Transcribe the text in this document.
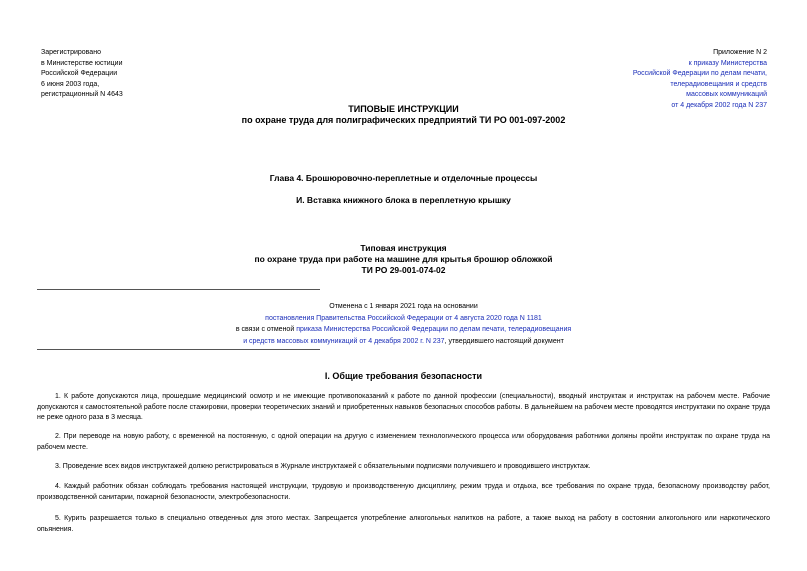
Зарегистрировано
в Министерстве юстиции
Российской Федерации
6 июня 2003 года,
регистрационный N 4643
Приложение N 2
к приказу Министерства
Российской Федерации по делам печати,
телерадиовещания и средств
массовых коммуникаций
от 4 декабря 2002 года N 237
ТИПОВЫЕ ИНСТРУКЦИИ
по охране труда для полиграфических предприятий ТИ РО 001-097-2002
Глава 4. Брошюровочно-переплетные и отделочные процессы
И. Вставка книжного блока в переплетную крышку
Типовая инструкция
по охране труда при работе на машине для крытья брошюр обложкой
ТИ РО 29-001-074-02
Отменена с 1 января 2021 года на основании
постановления Правительства Российской Федерации от 4 августа 2020 года N 1181
в связи с отменой приказа Министерства Российской Федерации по делам печати, телерадиовещания
и средств массовых коммуникаций от 4 декабря 2002 г. N 237, утвердившего настоящий документ
I. Общие требования безопасности

1. К работе допускаются лица, прошедшие медицинский осмотр и не имеющие противопоказаний к работе по данной профессии (специальности), вводный инструктаж и инструктаж на рабочем месте. Рабочие допускаются к самостоятельной работе после стажировки, проверки теоретических знаний и приобретенных навыков безопасных способов работы. В дальнейшем на рабочем месте проводятся инструктажи по охране труда не реже одного раза в 3 месяца.

2. При переводе на новую работу, с временной на постоянную, с одной операции на другую с изменением технологического процесса или оборудования работники должны пройти инструктаж по охране труда на рабочем месте.

3. Проведение всех видов инструктажей должно регистрироваться в Журнале инструктажей с обязательными подписями получившего и проводившего инструктаж.

4. Каждый работник обязан соблюдать требования настоящей инструкции, трудовую и производственную дисциплину, режим труда и отдыха, все требования по охране труда, безопасному производству работ, производственной санитарии, пожарной безопасности, электробезопасности.

5. Курить разрешается только в специально отведенных для этого местах. Запрещается употребление алкогольных напитков на работе, а также выход на работу в состоянии алкогольного или наркотического опьянения.
